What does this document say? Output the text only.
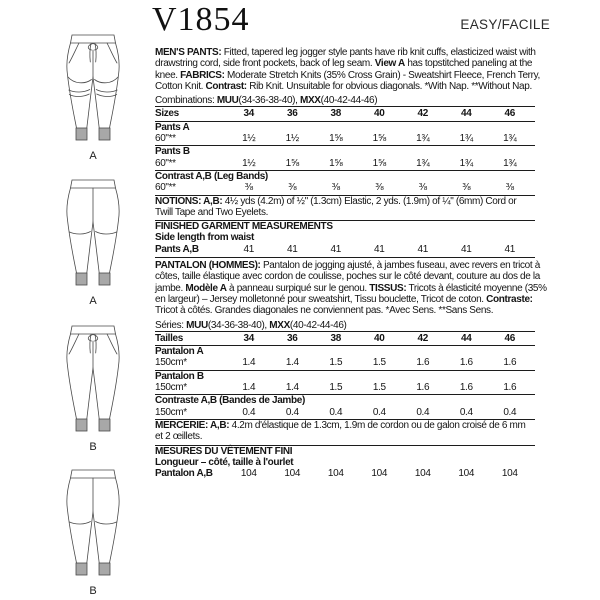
V1854	EASY/FACILE
A
A
B
B

MEN'S PANTS: Fitted, tapered leg jogger style pants have rib knit cuffs, elasticized waist with drawstring cord, side front pockets, back of leg seam. View A has topstitched paneling at the knee. FABRICS: Moderate Stretch Knits (35% Cross Grain) - Sweatshirt Fleece, French Terry, Cotton Knit. Contrast: Rib Knit. Unsuitable for obvious diagonals. *With Nap. **Without Nap.

Combinations: MUU(34-36-38-40), MXX(40-42-44-46)
Sizes	34	36	38	40	42	44	46
Pants A
60"**	1½	1½	1⅝	1⅝	1¾	1¾	1¾
Pants B
60"**	1½	1⅝	1⅝	1⅝	1¾	1¾	1¾
Contrast A,B (Leg Bands)
60"**	⅜	⅜	⅜	⅜	⅜	⅜	⅜

NOTIONS: A,B: 4½ yds (4.2m) of ½" (1.3cm) Elastic, 2 yds. (1.9m) of ¼" (6mm) Cord or Twill Tape and Two Eyelets.

FINISHED GARMENT MEASUREMENTS
Side length from waist
Pants A,B	41	41	41	41	41	41	41

PANTALON (HOMMES): Pantalon de jogging ajusté, à jambes fuseau, avec revers en tricot à côtes, taille élastique avec cordon de coulisse, poches sur le côté devant, couture au dos de la jambe. Modèle A à panneau surpiqué sur le genou. TISSUS: Tricots à élasticité moyenne (35% en largeur) – Jersey molletonné pour sweatshirt, Tissu bouclette, Tricot de coton. Contraste: Tricot à côtés. Grandes diagonales ne conviennent pas. *Avec Sens. **Sans Sens.

Séries: MUU(34-36-38-40), MXX(40-42-44-46)
Tailles	34	36	38	40	42	44	46
Pantalon A
150cm*	1.4	1.4	1.5	1.5	1.6	1.6	1.6
Pantalon B
150cm*	1.4	1.4	1.5	1.5	1.6	1.6	1.6
Contraste A,B (Bandes de Jambe)
150cm*	0.4	0.4	0.4	0.4	0.4	0.4	0.4

MERCERIE: A,B: 4.2m d'élastique de 1.3cm, 1.9m de cordon ou de galon croisé de 6 mm et 2 œillets.

MESURES DU VÊTEMENT FINI
Longueur – côté, taille à l'ourlet
Pantalon A,B	104	104	104	104	104	104	104
